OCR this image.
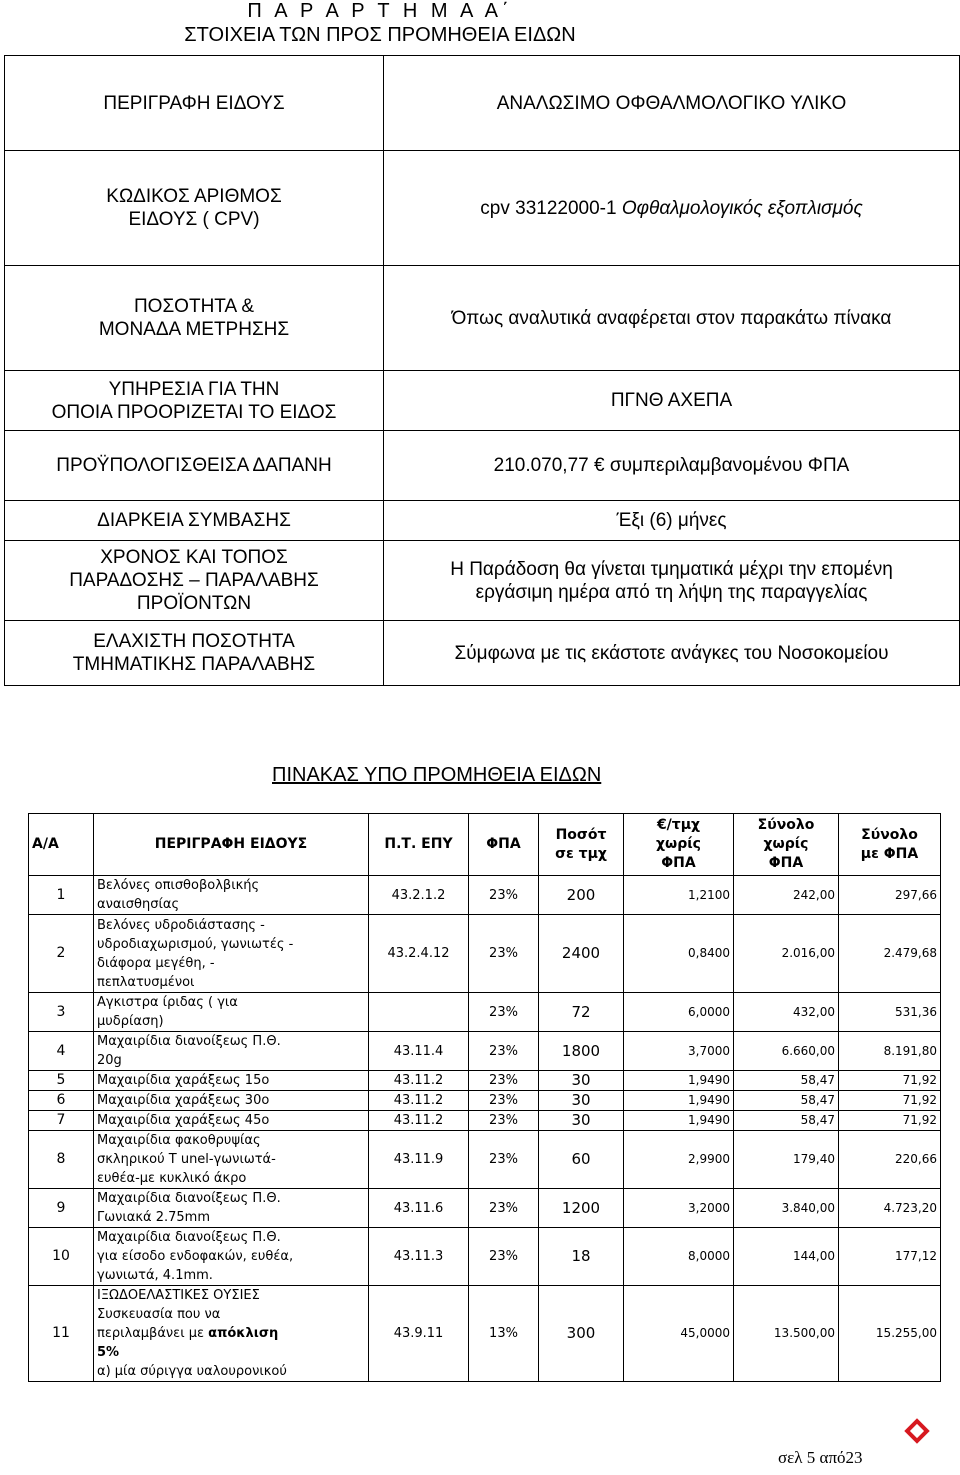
Π Α Ρ Α Ρ Τ Η Μ Α Α΄
ΣΤΟΙΧΕΙΑ ΤΩΝ ΠΡΟΣ ΠΡΟΜΗΘΕΙΑ ΕΙΔΩΝ
ΠΕΡΙΓΡΑΦΗ ΕΙΔΟΥΣ	ΑΝΑΛΩΣΙΜΟ ΟΦΘΑΛΜΟΛΟΓΙΚΟ ΥΛΙΚΟ
ΚΩΔΙΚΟΣ ΑΡΙΘΜΟΣ
ΕΙΔΟΥΣ ( CPV)	cpv 33122000-1 Οφθαλμολογικός εξοπλισμός
ΠΟΣΟΤΗΤΑ &
ΜΟΝΑΔΑ ΜΕΤΡΗΣΗΣ	Όπως αναλυτικά αναφέρεται στον παρακάτω πίνακα
ΥΠΗΡΕΣΙΑ ΓΙΑ ΤΗΝ
ΟΠΟΙΑ ΠΡΟΟΡΙΖΕΤΑΙ ΤΟ ΕΙΔΟΣ	ΠΓΝΘ ΑΧΕΠΑ
ΠΡΟΫΠΟΛΟΓΙΣΘΕΙΣΑ ΔΑΠΑΝΗ	210.070,77 € συμπεριλαμβανομένου ΦΠΑ
ΔΙΑΡΚΕΙΑ ΣΥΜΒΑΣΗΣ	Έξι (6) μήνες
ΧΡΟΝΟΣ ΚΑΙ ΤΟΠΟΣ
ΠΑΡΑΔΟΣΗΣ – ΠΑΡΑΛΑΒΗΣ
ΠΡΟΪΟΝΤΩΝ	Η Παράδοση θα γίνεται τμηματικά μέχρι την επομένη
εργάσιμη ημέρα από τη λήψη της παραγγελίας
ΕΛΑΧΙΣΤΗ ΠΟΣΟΤΗΤΑ
ΤΜΗΜΑΤΙΚΗΣ ΠΑΡΑΛΑΒΗΣ	Σύμφωνα με τις εκάστοτε ανάγκες του Νοσοκομείου
ΠΙΝΑΚΑΣ ΥΠΟ ΠΡΟΜΗΘΕΙΑ ΕΙΔΩΝ
Α/Α	ΠΕΡΙΓΡΑΦΗ ΕΙΔΟΥΣ	Π.Τ. ΕΠΥ	ΦΠΑ	Ποσότ
σε τμχ	€/τμχ
χωρίς
ΦΠΑ	Σύνολο
χωρίς
ΦΠΑ	Σύνολο
με ΦΠΑ
1	Βελόνες οπισθοβολβικής
αναισθησίας	43.2.1.2	23%	200	1,2100	242,00	297,66
2	Βελόνες υδροδιάστασης -
υδροδιαχωρισμού, γωνιωτές -
διάφορα μεγέθη, -
πεπλατυσμένοι	43.2.4.12	23%	2400	0,8400	2.016,00	2.479,68
3	Αγκιστρα ίριδας ( για
μυδρίαση)		23%	72	6,0000	432,00	531,36
4	Μαχαιρίδια διανοίξεως Π.Θ.
20g	43.11.4	23%	1800	3,7000	6.660,00	8.191,80
5	Μαχαιρίδια χαράξεως 15ο	43.11.2	23%	30	1,9490	58,47	71,92
6	Μαχαιρίδια χαράξεως 30ο	43.11.2	23%	30	1,9490	58,47	71,92
7	Μαχαιρίδια χαράξεως 45ο	43.11.2	23%	30	1,9490	58,47	71,92
8	Μαχαιρίδια φακοθρυψίας
σκληρικού T unel-γωνιωτά-
ευθέα-με κυκλικό άκρο	43.11.9	23%	60	2,9900	179,40	220,66
9	Μαχαιρίδια διανοίξεως Π.Θ.
Γωνιακά 2.75mm	43.11.6	23%	1200	3,2000	3.840,00	4.723,20
10	Μαχαιρίδια διανοίξεως Π.Θ.
για είσοδο ενδοφακών, ευθέα,
γωνιωτά, 4.1mm.	43.11.3	23%	18	8,0000	144,00	177,12
11	ΙΞΩΔΟΕΛΑΣΤΙΚΕΣ ΟΥΣΙΕΣ
Συσκευασία που να
περιλαμβάνει με απόκλιση
5%
α) μία σύριγγα υαλουρονικού	43.9.11	13%	300	45,0000	13.500,00	15.255,00
σελ 5 από23
